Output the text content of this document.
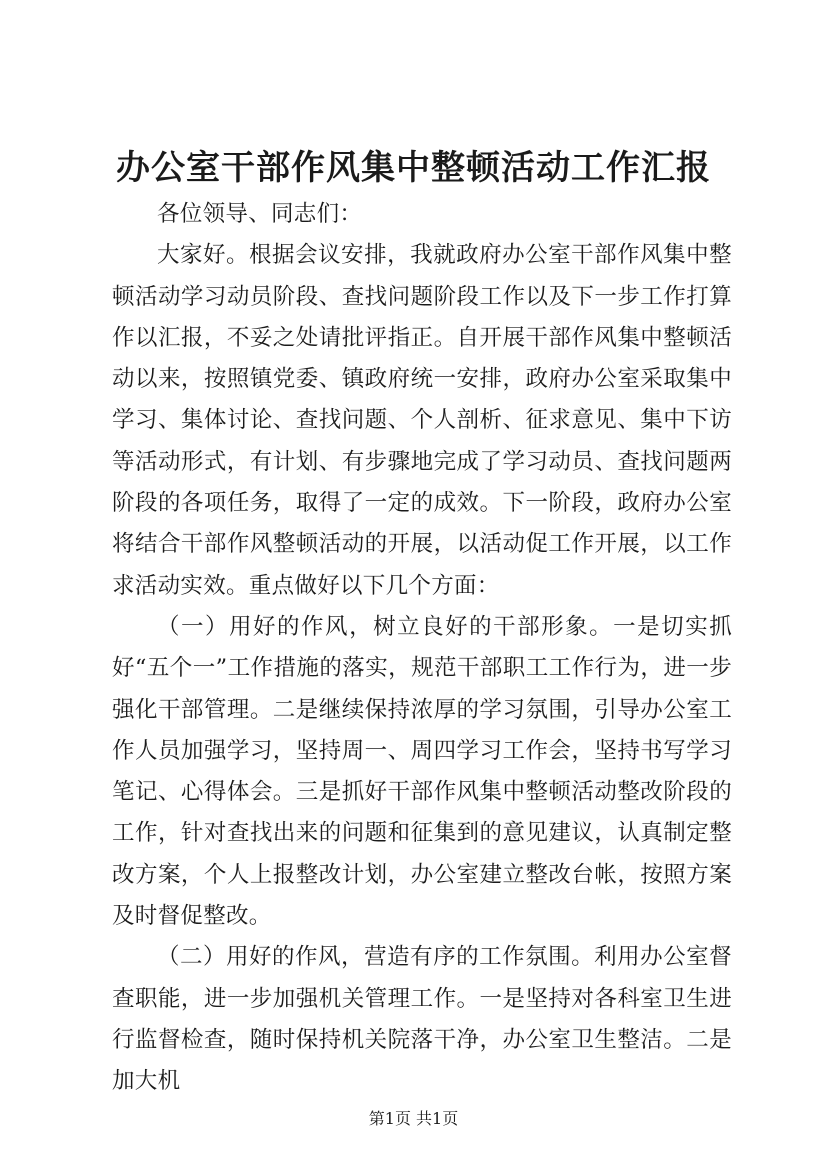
办公室干部作风集中整顿活动工作汇报

各位领导、同志们：

大家好。根据会议安排，我就政府办公室干部作风集中整顿活动学习动员阶段、查找问题阶段工作以及下一步工作打算作以汇报，不妥之处请批评指正。自开展干部作风集中整顿活动以来，按照镇党委、镇政府统一安排，政府办公室采取集中学习、集体讨论、查找问题、个人剖析、征求意见、集中下访等活动形式，有计划、有步骤地完成了学习动员、查找问题两阶段的各项任务，取得了一定的成效。下一阶段，政府办公室将结合干部作风整顿活动的开展，以活动促工作开展，以工作求活动实效。重点做好以下几个方面：

（一）用好的作风，树立良好的干部形象。一是切实抓好“五个一”工作措施的落实，规范干部职工工作行为，进一步强化干部管理。二是继续保持浓厚的学习氛围，引导办公室工作人员加强学习，坚持周一、周四学习工作会，坚持书写学习笔记、心得体会。三是抓好干部作风集中整顿活动整改阶段的工作，针对查找出来的问题和征集到的意见建议，认真制定整改方案，个人上报整改计划，办公室建立整改台帐，按照方案及时督促整改。

（二）用好的作风，营造有序的工作氛围。利用办公室督查职能，进一步加强机关管理工作。一是坚持对各科室卫生进行监督检查，随时保持机关院落干净，办公室卫生整洁。二是加大机

第1页 共1页
